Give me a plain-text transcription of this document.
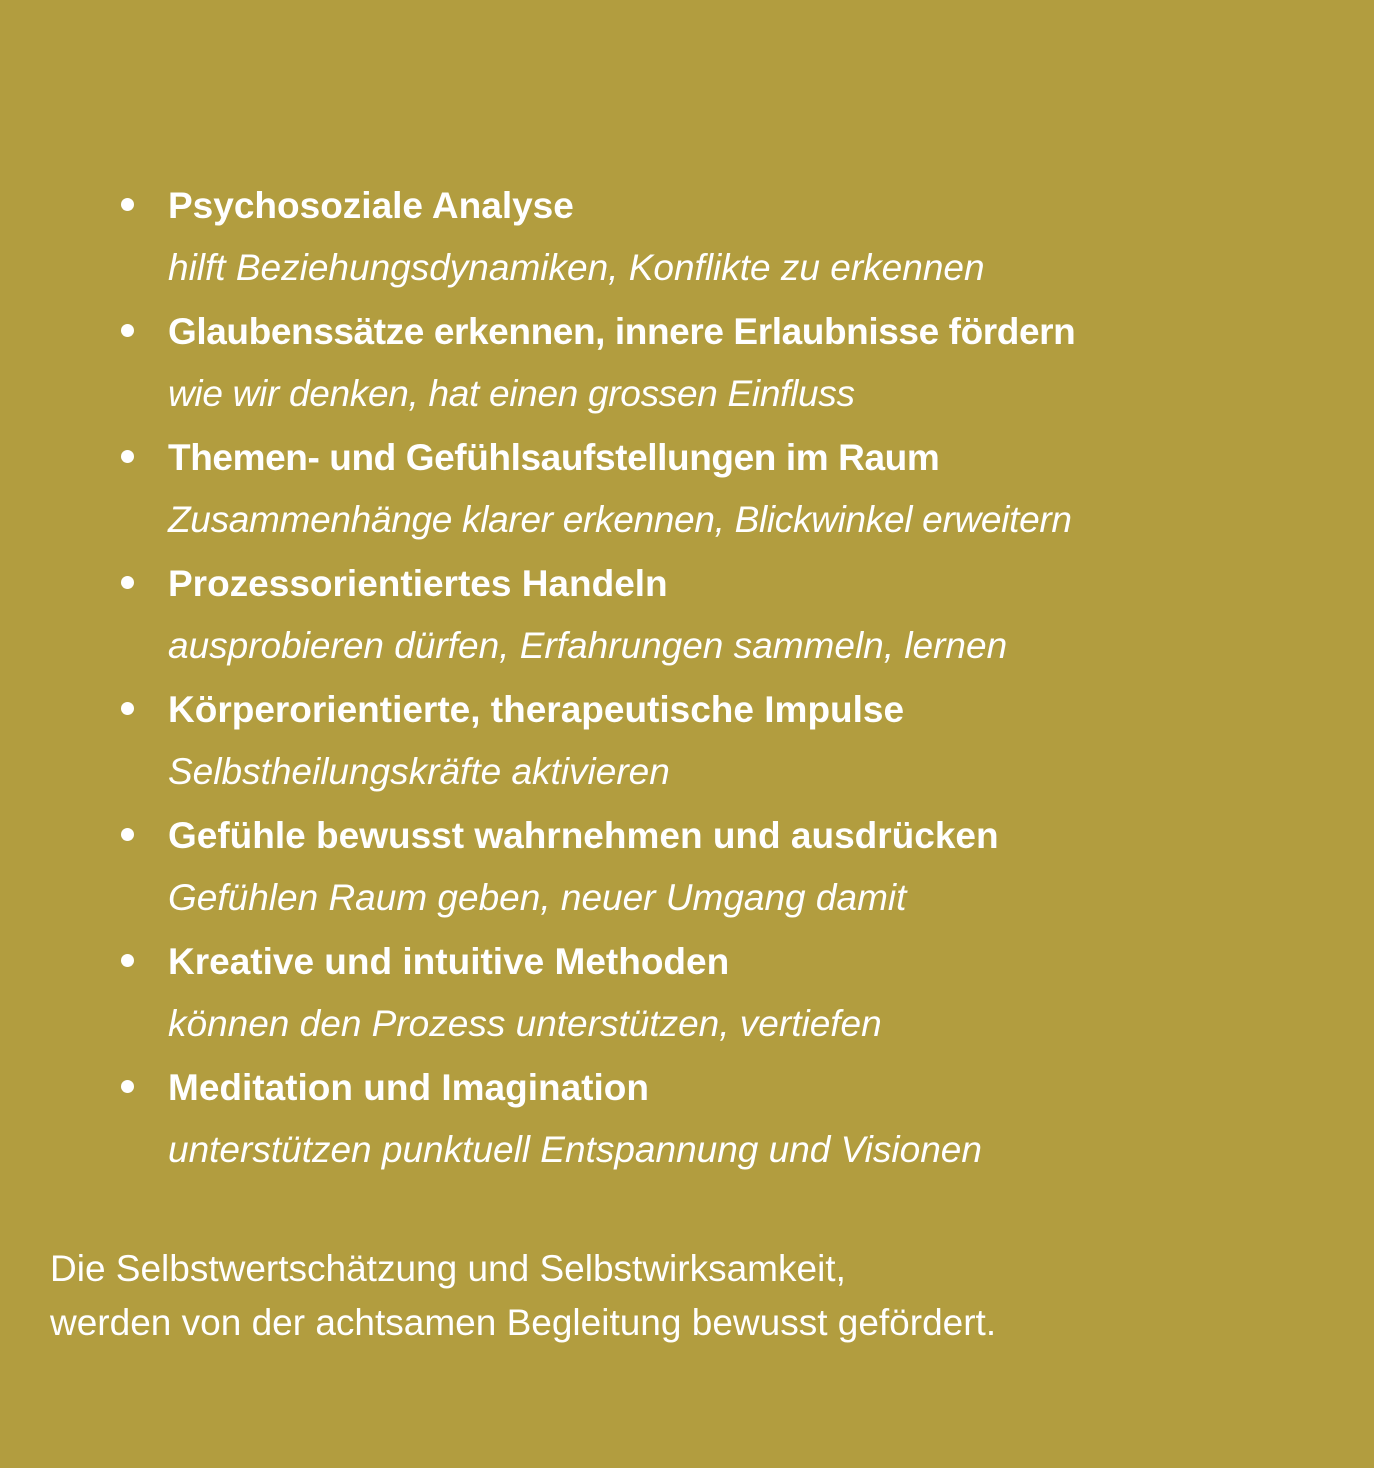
Psychosoziale Analyse
hilft Beziehungsdynamiken, Konflikte zu erkennen
Glaubenssätze erkennen, innere Erlaubnisse fördern
wie wir denken, hat einen grossen Einfluss
Themen- und Gefühlsaufstellungen im Raum
Zusammenhänge klarer erkennen, Blickwinkel erweitern
Prozessorientiertes Handeln
ausprobieren dürfen, Erfahrungen sammeln, lernen
Körperorientierte, therapeutische Impulse
Selbstheilungskräfte aktivieren
Gefühle bewusst wahrnehmen und ausdrücken
Gefühlen Raum geben, neuer Umgang damit
Kreative und intuitive Methoden
können den Prozess unterstützen, vertiefen
Meditation und Imagination
unterstützen punktuell Entspannung und Visionen

Die Selbstwertschätzung und Selbstwirksamkeit,

werden von der achtsamen Begleitung bewusst gefördert.
